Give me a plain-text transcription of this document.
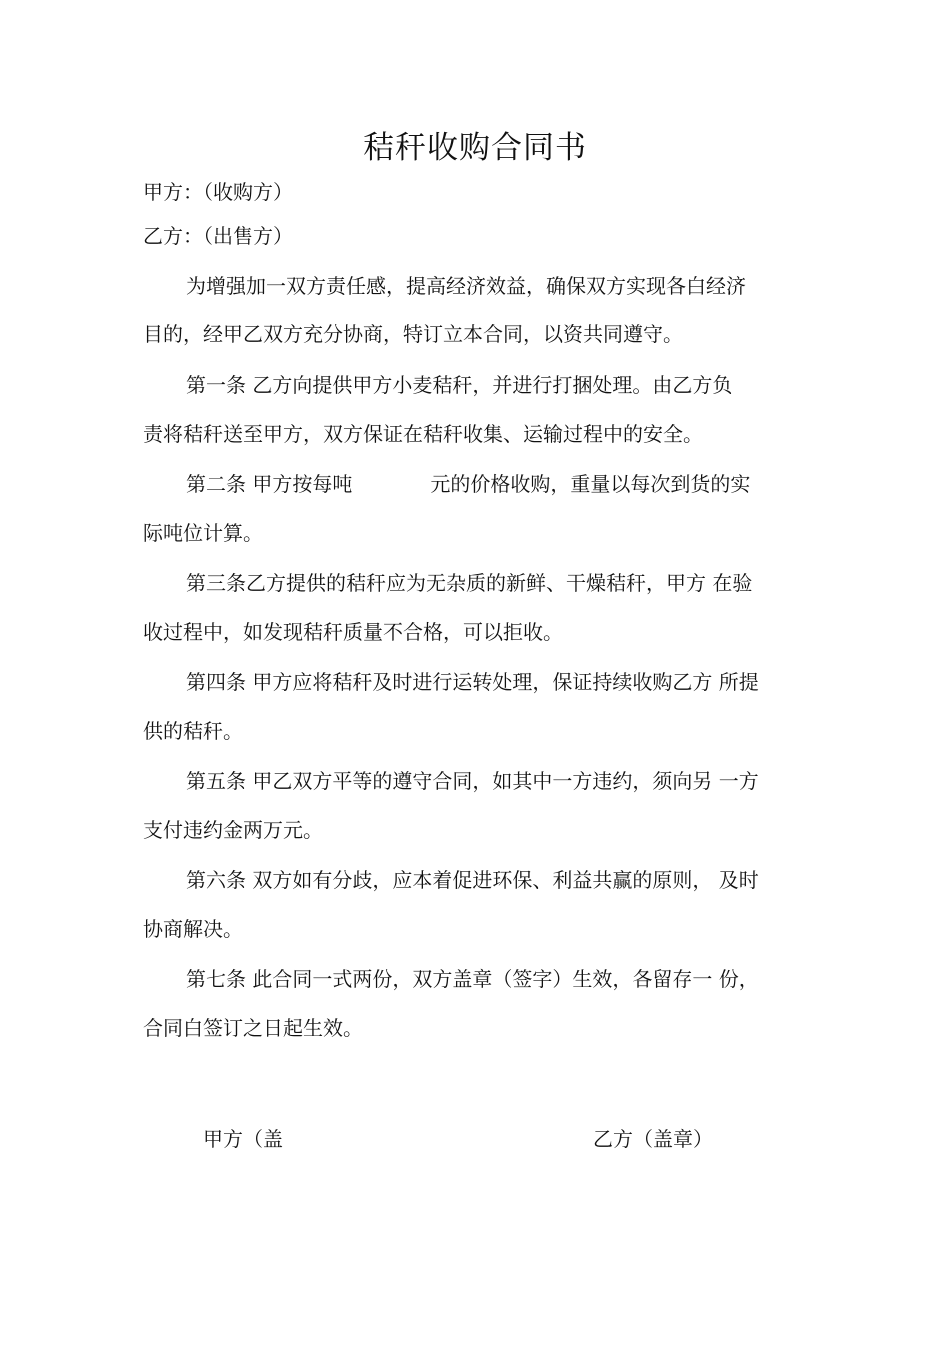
秸秆收购合同书
甲方：（收购方）
乙方：（出售方）
为增强加一双方责任感，提高经济效益，确保双方实现各白经济
目的，经甲乙双方充分协商，特订立本合同，以资共同遵守。
第一条 乙方向提供甲方小麦秸秆，并进行打捆处理。由乙方负
责将秸秆送至甲方，双方保证在秸秆收集、运输过程中的安全。
第二条 甲方按每吨	元的价格收购，重量以每次到货的实
际吨位计算。
第三条乙方提供的秸秆应为无杂质的新鲜、干燥秸秆，甲方 在验
收过程中，如发现秸秆质量不合格，可以拒收。
第四条 甲方应将秸秆及时进行运转处理，保证持续收购乙方 所提
供的秸秆。
第五条 甲乙双方平等的遵守合同，如其中一方违约，须向另 一方
支付违约金两万元。
第六条 双方如有分歧，应本着促进环保、利益共赢的原则， 及时
协商解决。
第七条 此合同一式两份，双方盖章（签字）生效，各留存一 份，
合同白签订之日起生效。
甲方（盖	乙方（盖章）
